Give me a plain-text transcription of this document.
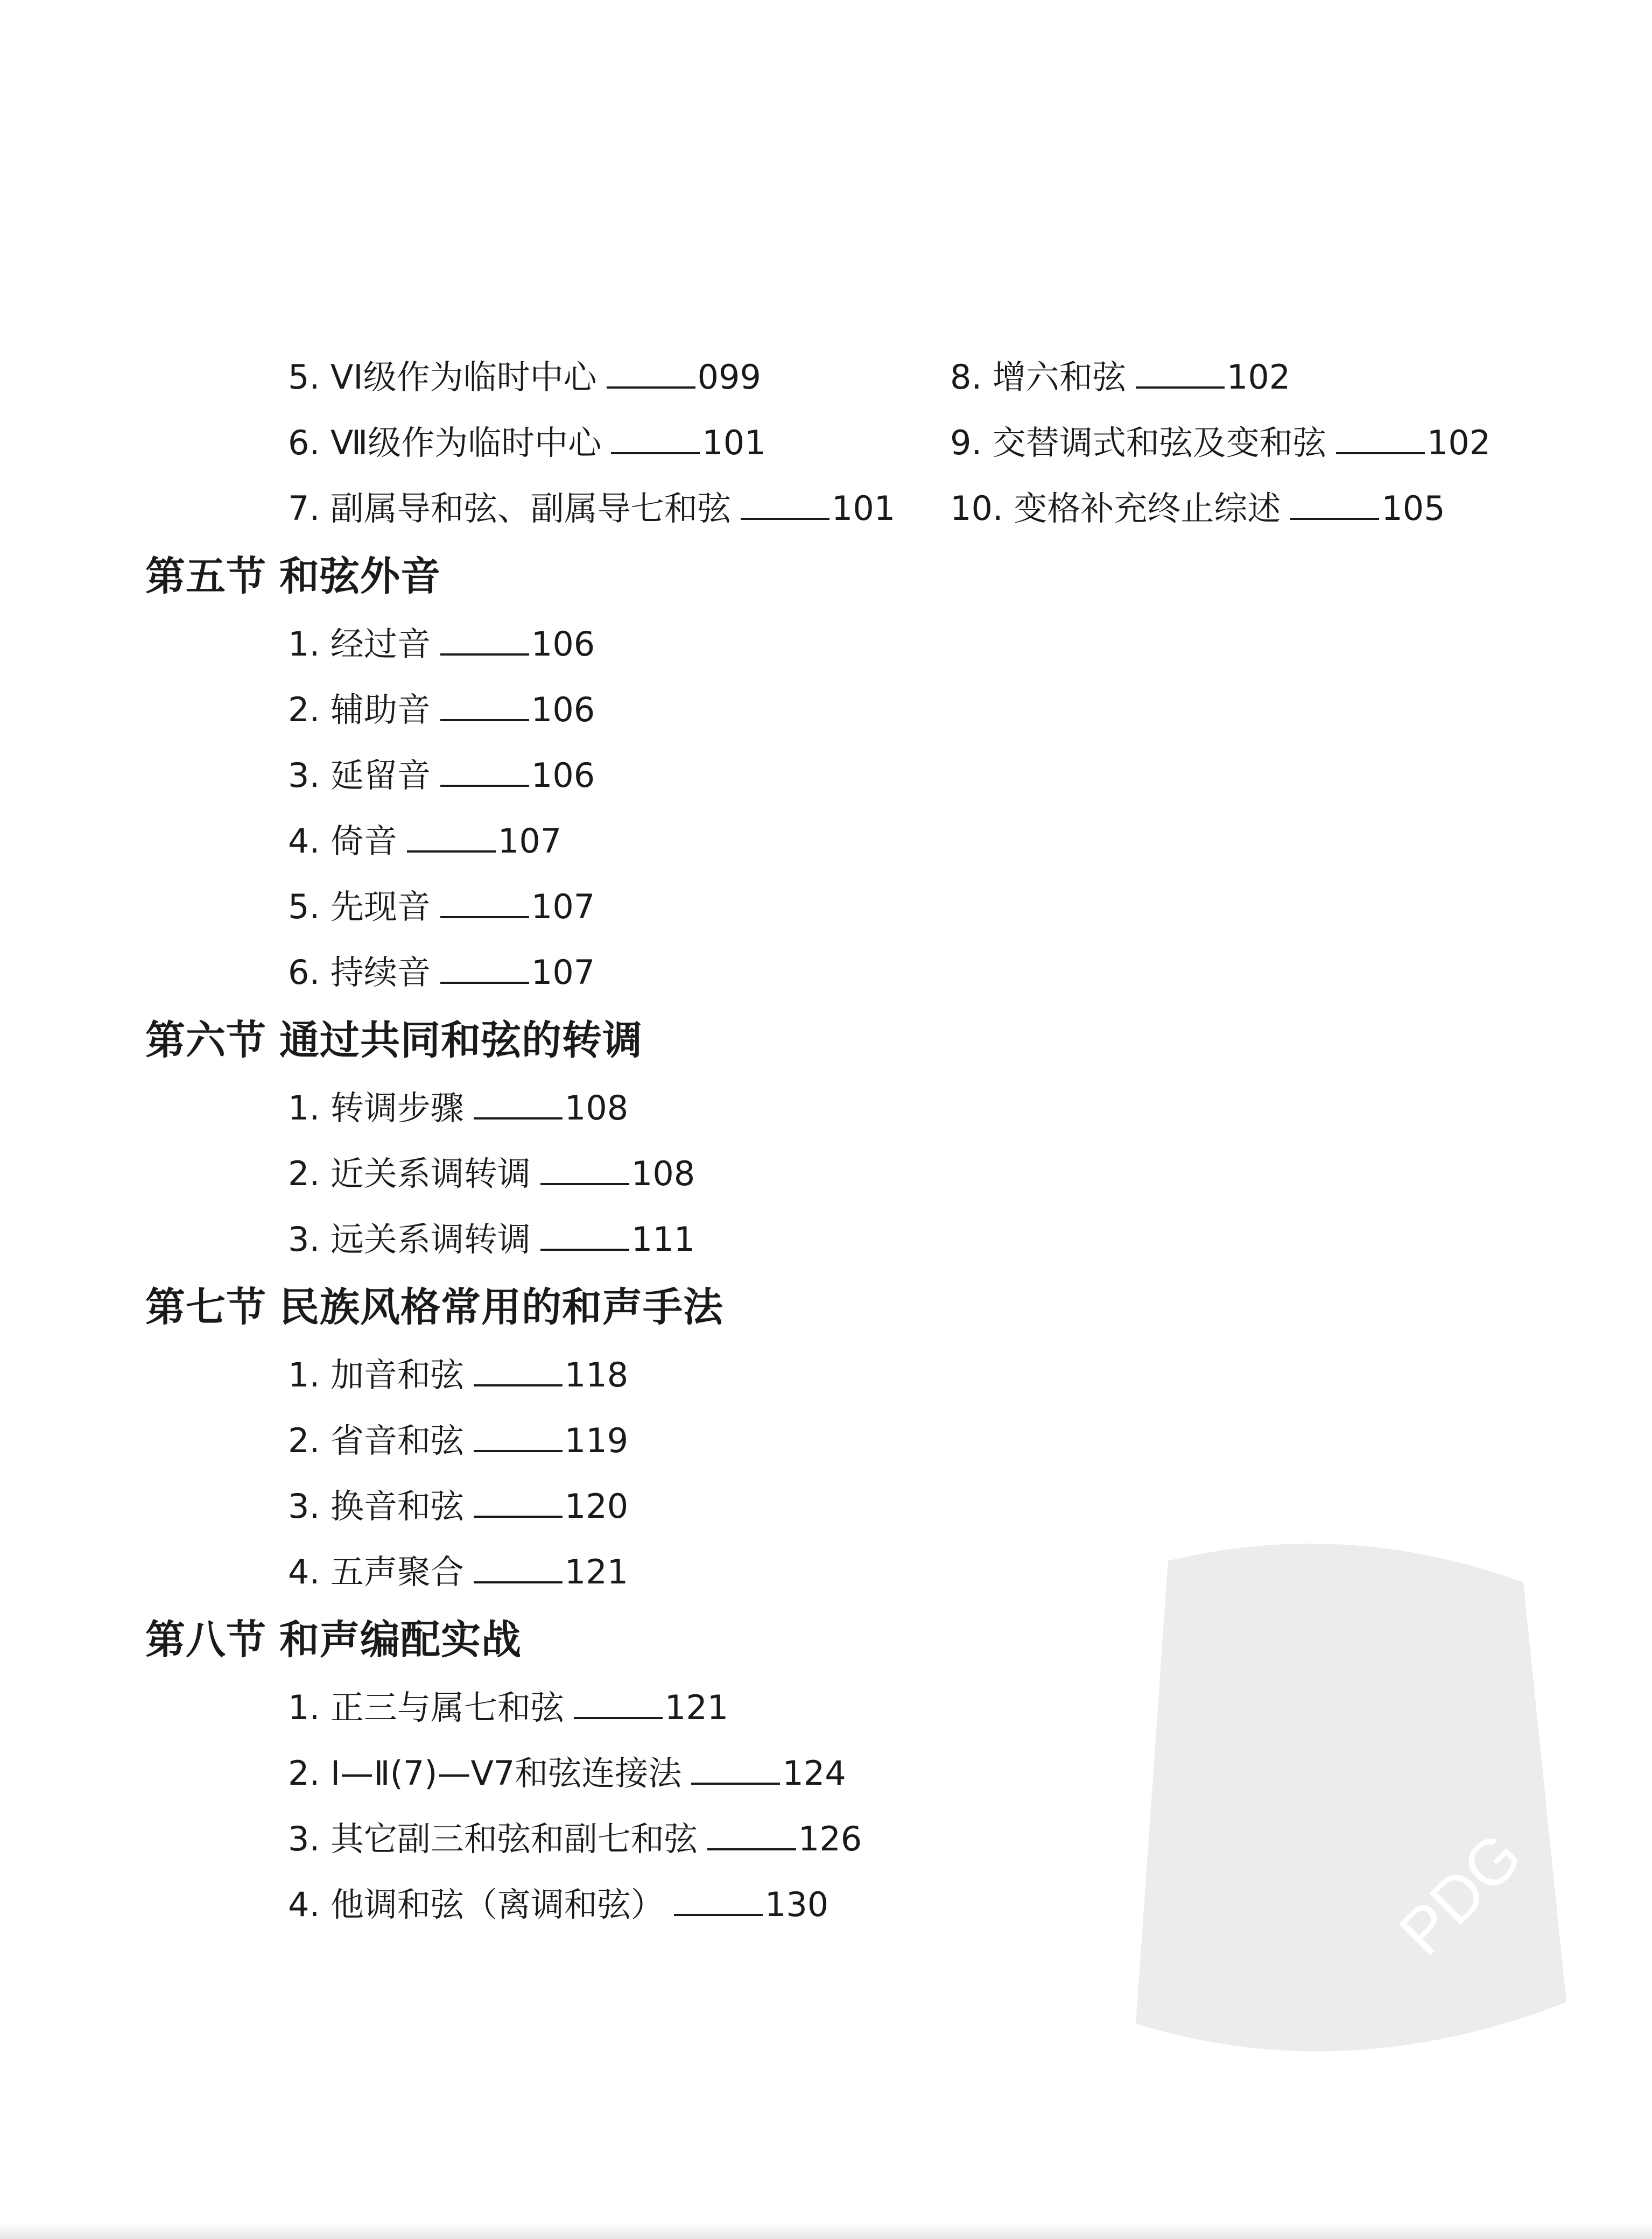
5. VI级作为临时中心	099
6. Ⅶ级作为临时中心	101
7. 副属导和弦、副属导七和弦	101
第五节 和弦外音
1. 经过音	106
2. 辅助音	106
3. 延留音	106
4. 倚音	107
5. 先现音	107
6. 持续音	107
第六节 通过共同和弦的转调
1. 转调步骤	108
2. 近关系调转调	108
3. 远关系调转调	111
第七节 民族风格常用的和声手法
1. 加音和弦	118
2. 省音和弦	119
3. 换音和弦	120
4. 五声聚合	121
第八节 和声编配实战
1. 正三与属七和弦	121
2. Ⅰ—Ⅱ(7)—Ⅴ7和弦连接法	124
3. 其它副三和弦和副七和弦	126
4. 他调和弦（离调和弦）	130
8. 增六和弦	102
9. 交替调式和弦及变和弦	102
10. 变格补充终止综述	105
PDG
